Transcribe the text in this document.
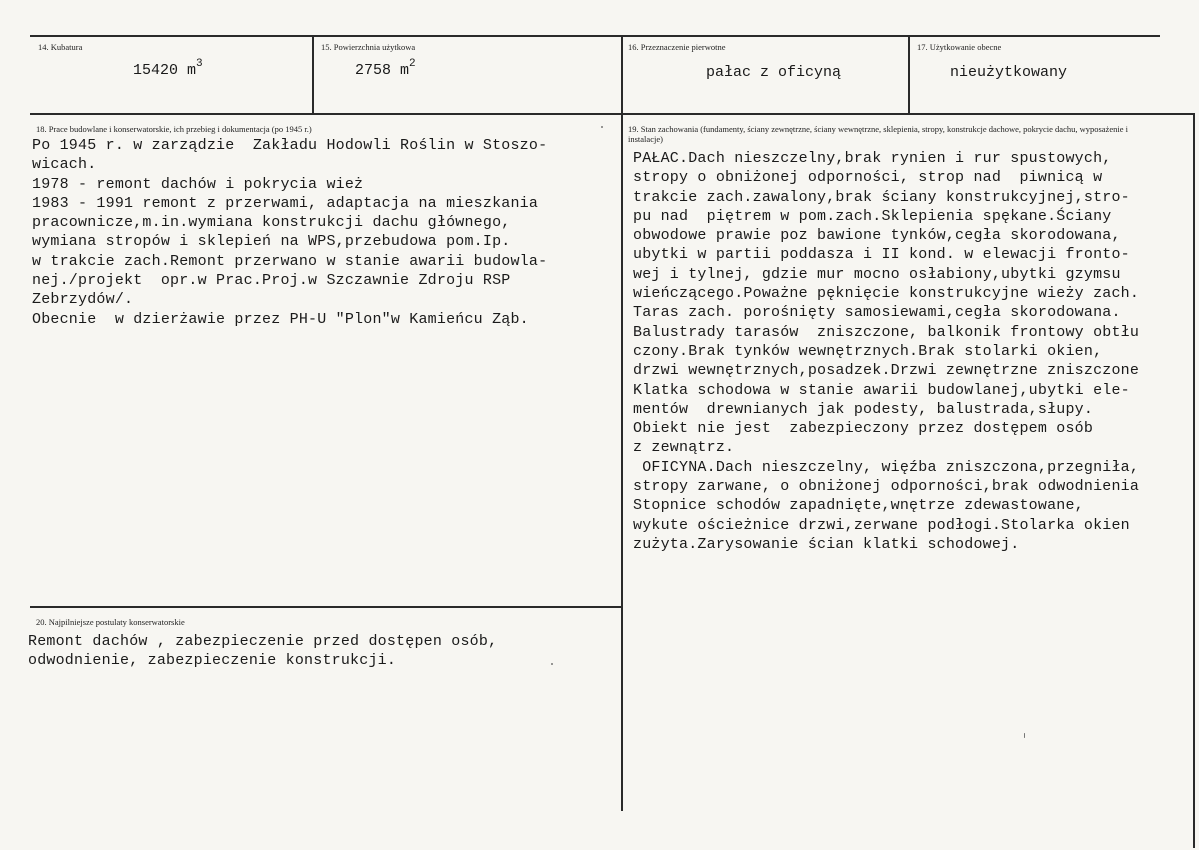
14. Kubatura
15420 $m^3$
15. Powierzchnia użytkowa
2758 $m^2$
16. Przeznaczenie pierwotne
pałac z oficyną
17. Użytkowanie obecne
nieużytkowany
18. Prace budowlane i konserwatorskie, ich przebieg i dokumentacja (po 1945 r.)
Po 1945 r. w zarządzie  Zakładu Hodowli Roślin w Stoszo-
wicach.
1978 - remont dachów i pokrycia wież
1983 - 1991 remont z przerwami, adaptacja na mieszkania
pracownicze,m.in.wymiana konstrukcji dachu głównego,
wymiana stropów i sklepień na WPS,przebudowa pom.Ip.
w trakcie zach.Remont przerwano w stanie awarii budowla-
nej./projekt  opr.w Prac.Proj.w Szczawnie Zdroju RSP
Zebrzydów/.
Obecnie  w dzierżawie przez PH-U "Plon"w Kamieńcu Ząb.
19. Stan zachowania (fundamenty, ściany zewnętrzne, ściany wewnętrzne, sklepienia, stropy, konstrukcje dachowe, pokrycie dachu, wyposażenie i instalacje)
PAŁAC.Dach nieszczelny,brak rynien i rur spustowych,
stropy o obniżonej odporności, strop nad  piwnicą w
trakcie zach.zawalony,brak ściany konstrukcyjnej,stro-
pu nad  piętrem w pom.zach.Sklepienia spękane.Ściany
obwodowe prawie poz bawione tynków,cegła skorodowana,
ubytki w partii poddasza i II kond. w elewacji fronto-
wej i tylnej, gdzie mur mocno osłabiony,ubytki gzymsu
wieńczącego.Poważne pęknięcie konstrukcyjne wieży zach.
Taras zach. porośnięty samosiewami,cegła skorodowana.
Balustrady tarasów  zniszczone, balkonik frontowy obtłu
czony.Brak tynków wewnętrznych.Brak stolarki okien,
drzwi wewnętrznych,posadzek.Drzwi zewnętrzne zniszczone
Klatka schodowa w stanie awarii budowlanej,ubytki ele-
mentów  drewnianych jak podesty, balustrada,słupy.
Obiekt nie jest  zabezpieczony przez dostępem osób
z zewnątrz.
OFICYNA.Dach nieszczelny, więźba zniszczona,przegniła,
stropy zarwane, o obniżonej odporności,brak odwodnienia
Stopnice schodów zapadnięte,wnętrze zdewastowane,
wykute ościeżnice drzwi,zerwane podłogi.Stolarka okien
zużyta.Zarysowanie ścian klatki schodowej.
20. Najpilniejsze postulaty konserwatorskie
Remont dachów , zabezpieczenie przed dostępen osób,
odwodnienie, zabezpieczenie konstrukcji.
